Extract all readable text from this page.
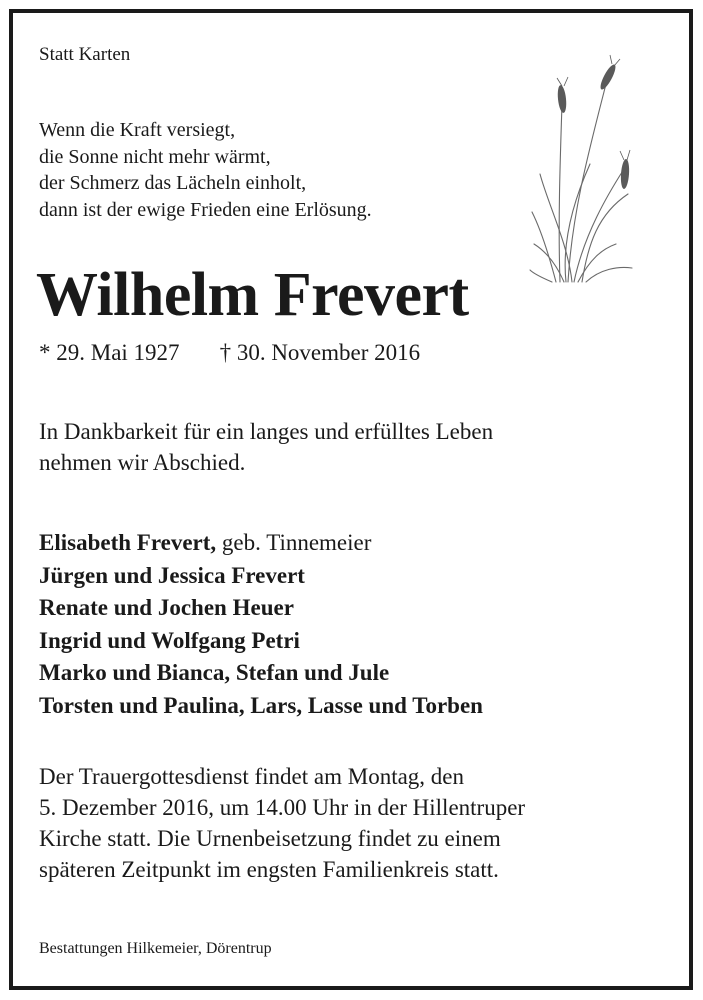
Statt Karten
Wenn die Kraft versiegt,
die Sonne nicht mehr wärmt,
der Schmerz das Lächeln einholt,
dann ist der ewige Frieden eine Erlösung.
Wilhelm Frevert
* 29. Mai 1927 † 30. November 2016
In Dankbarkeit für ein langes und erfülltes Leben
nehmen wir Abschied.
Elisabeth Frevert, geb. Tinnemeier
Jürgen und Jessica Frevert
Renate und Jochen Heuer
Ingrid und Wolfgang Petri
Marko und Bianca, Stefan und Jule
Torsten und Paulina, Lars, Lasse und Torben
Der Trauergottesdienst findet am Montag, den
5. Dezember 2016, um 14.00 Uhr in der Hillentruper
Kirche statt. Die Urnenbeisetzung findet zu einem
späteren Zeitpunkt im engsten Familienkreis statt.
Bestattungen Hilkemeier, Dörentrup
